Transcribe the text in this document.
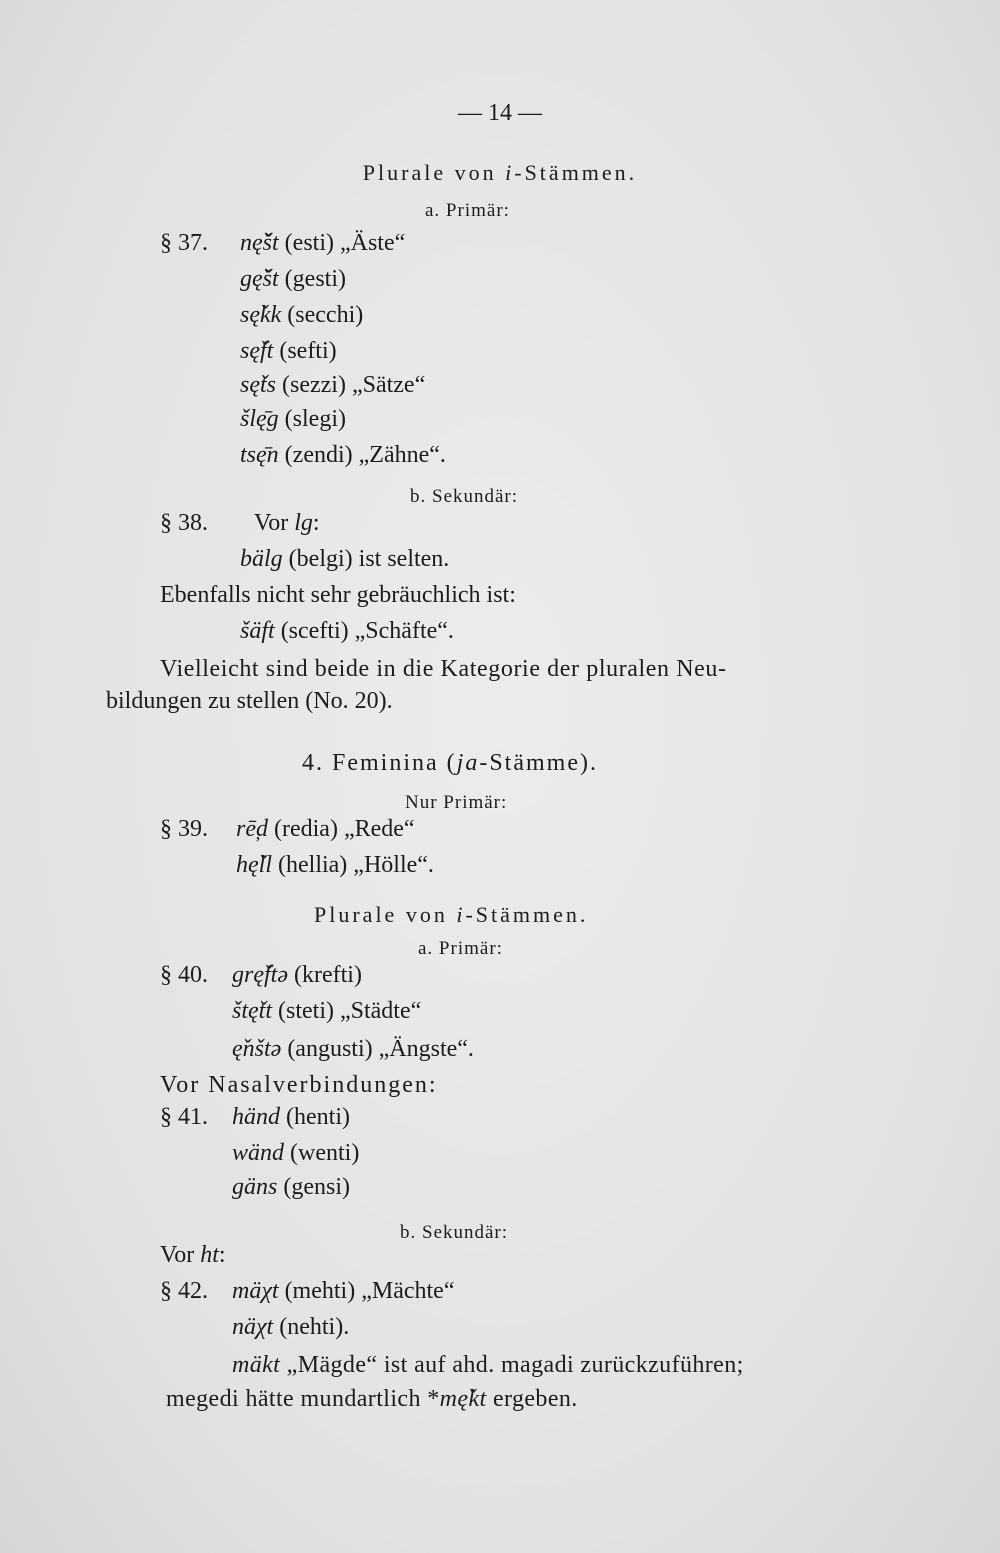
— 14 —
Plurale von i-Stämmen.
a. Primär:
§ 37. nę̌št (esti) „Äste“
gę̌št (gesti)
sę̌kk (secchi)
sę̌ft (sefti)
sę̌ts (sezzi) „Sätze“
šlę̄g (slegi)
tsę̄n (zendi) „Zähne“.
b. Sekundär:
§ 38. Vor lg:
bälg (belgi) ist selten.
Ebenfalls nicht sehr gebräuchlich ist:
šäft (scefti) „Schäfte“.
Vielleicht sind beide in die Kategorie der pluralen Neu-
bildungen zu stellen (No. 20).
4. Feminina (ja-Stämme).
Nur Primär:
§ 39. rē̦d (redia) „Rede“
hę̌ll (hellia) „Hölle“.
Plurale von i-Stämmen.
a. Primär:
§ 40. grę̌ftə (krefti)
štę̌tt (steti) „Städte“
ę̌nštə (angusti) „Ängste“.
Vor Nasalverbindungen:
§ 41. händ (henti)
wänd (wenti)
gäns (gensi)
b. Sekundär:
Vor ht:
§ 42. mäχt (mehti) „Mächte“
näχt (nehti).
mäkt „Mägde“ ist auf ahd. magadi zurückzuführen;
megedi hätte mundartlich *mę̌kt ergeben.
